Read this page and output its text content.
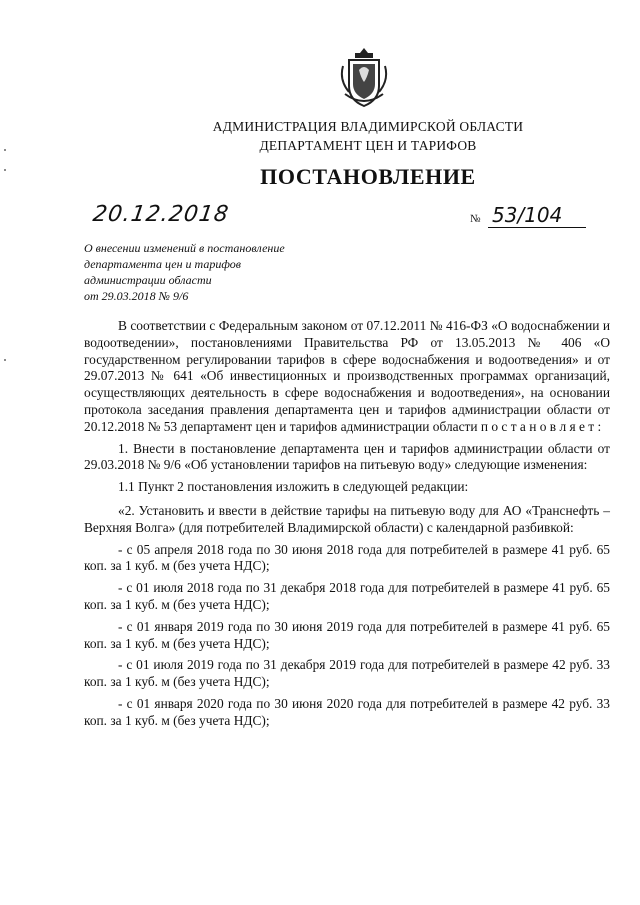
АДМИНИСТРАЦИЯ ВЛАДИМИРСКОЙ ОБЛАСТИ
ДЕПАРТАМЕНТ ЦЕН И ТАРИФОВ
ПОСТАНОВЛЕНИЕ
20.12.2018	№ 53/104
О внесении изменений в постановление
департамента цен и тарифов
администрации области
от 29.03.2018 № 9/6

В соответствии с Федеральным законом от 07.12.2011 № 416-ФЗ «О водоснабжении и водоотведении», постановлениями Правительства РФ от 13.05.2013 № 406 «О государственном регулировании тарифов в сфере водоснабжения и водоотведения» и от 29.07.2013 № 641 «Об инвестиционных и производственных программах организаций, осуществляющих деятельность в сфере водоснабжения и водоотведения», на основании протокола заседания правления департамента цен и тарифов администрации области от 20.12.2018 № 53 департамент цен и тарифов администрации области п о с т а н о в л я е т :

1. Внести в постановление департамента цен и тарифов администрации области от 29.03.2018 № 9/6 «Об установлении тарифов на питьевую воду» следующие изменения:

1.1 Пункт 2 постановления изложить в следующей редакции:

«2. Установить и ввести в действие тарифы на питьевую воду для АО «Транснефть – Верхняя Волга» (для потребителей Владимирской области) с календарной разбивкой:

- с 05 апреля 2018 года по 30 июня 2018 года для потребителей в размере 41 руб. 65 коп. за 1 куб. м (без учета НДС);

- с 01 июля 2018 года по 31 декабря 2018 года для потребителей в размере 41 руб. 65 коп. за 1 куб. м (без учета НДС);

- с 01 января 2019 года по 30 июня 2019 года для потребителей в размере 41 руб. 65 коп. за 1 куб. м (без учета НДС);

- с 01 июля 2019 года по 31 декабря 2019 года для потребителей в размере 42 руб. 33 коп. за 1 куб. м (без учета НДС);

- с 01 января 2020 года по 30 июня 2020 года для потребителей в размере 42 руб. 33 коп. за 1 куб. м (без учета НДС);
